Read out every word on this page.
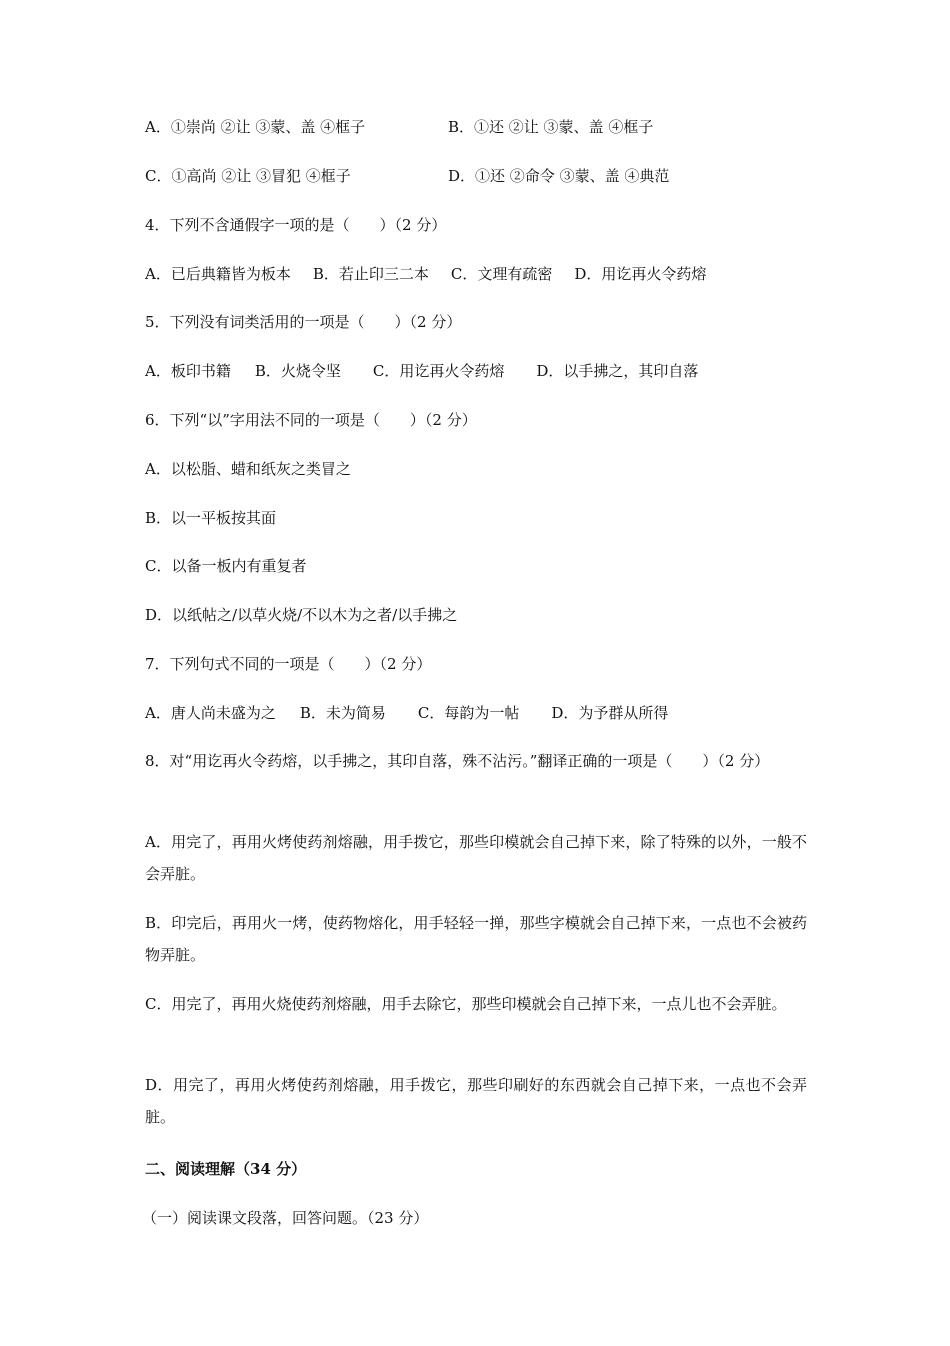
A．①崇尚 ②让 ③蒙、盖 ④框子	B．①还 ②让 ③蒙、盖 ④框子
C．①高尚 ②让 ③冒犯 ④框子	D．①还 ②命令 ③蒙、盖 ④典范
4．下列不含通假字一项的是（　　）（2 分）
A．已后典籍皆为板本 B．若止印三二本 C．文理有疏密 D．用讫再火令药熔
5．下列没有词类活用的一项是（　　）（2 分）
A．板印书籍 B．火烧令坚 C．用讫再火令药熔 D．以手拂之，其印自落
6．下列“以”字用法不同的一项是（　　）（2 分）
A．以松脂、蜡和纸灰之类冒之
B．以一平板按其面
C．以备一板内有重复者
D．以纸帖之/以草火烧/不以木为之者/以手拂之
7．下列句式不同的一项是（　　）（2 分）
A．唐人尚未盛为之 B．未为简易 C．每韵为一帖 D．为予群从所得
8．对“用讫再火令药熔，以手拂之，其印自落，殊不沾污。”翻译正确的一项是（　　）（2 分）
A．用完了，再用火烤使药剂熔融，用手拨它，那些印模就会自己掉下来，除了特殊的以外，一般不会弄脏。
B．印完后，再用火一烤，使药物熔化，用手轻轻一掸，那些字模就会自己掉下来，一点也不会被药物弄脏。
C．用完了，再用火烧使药剂熔融，用手去除它，那些印模就会自己掉下来，一点儿也不会弄脏。
D．用完了，再用火烤使药剂熔融，用手拨它，那些印刷好的东西就会自己掉下来，一点也不会弄脏。
二、阅读理解（34 分）
（一）阅读课文段落，回答问题。（23 分）
